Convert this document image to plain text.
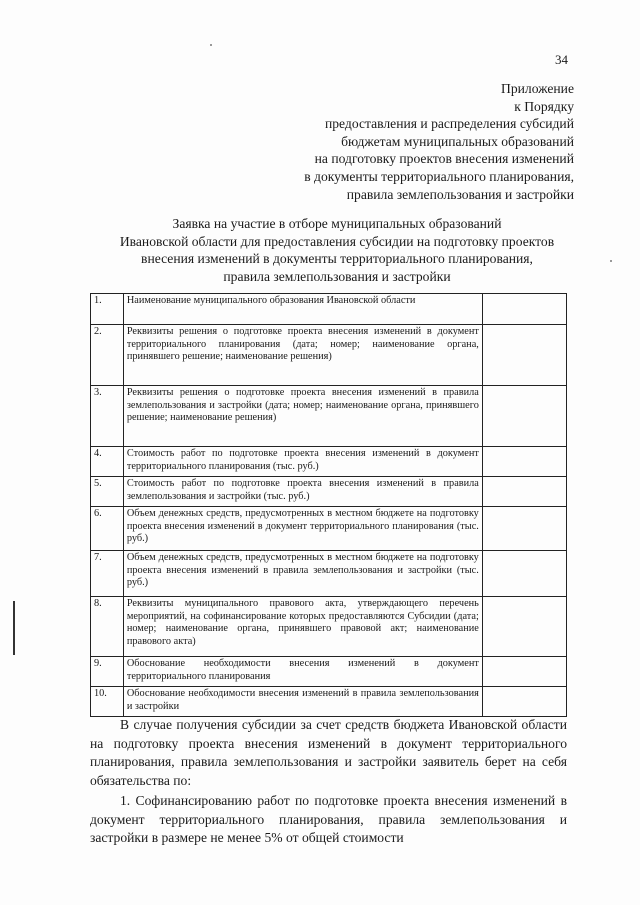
34
Приложение
к Порядку
предоставления и распределения субсидий
бюджетам муниципальных образований
на подготовку проектов внесения изменений
в документы территориального планирования,
правила землепользования и застройки
Заявка на участие в отборе муниципальных образований
Ивановской области для предоставления субсидии на подготовку проектов
внесения изменений в документы территориального планирования,
правила землепользования и застройки
1.	Наименование муниципального образования Ивановской области	
2.	Реквизиты решения о подготовке проекта внесения изменений в документ территориального планирования (дата; номер; наименование органа, принявшего решение; наименование решения)	
3.	Реквизиты решения о подготовке проекта внесения изменений в правила землепользования и застройки (дата; номер; наименование органа, принявшего решение; наименование решения)	
4.	Стоимость работ по подготовке проекта внесения изменений в документ территориального планирования (тыс. руб.)	
5.	Стоимость работ по подготовке проекта внесения изменений в правила землепользования и застройки (тыс. руб.)	
6.	Объем денежных средств, предусмотренных в местном бюджете на подготовку проекта внесения изменений в документ территориального планирования (тыс. руб.)	
7.	Объем денежных средств, предусмотренных в местном бюджете на подготовку проекта внесения изменений в правила землепользования и застройки (тыс. руб.)	
8.	Реквизиты муниципального правового акта, утверждающего перечень мероприятий, на софинансирование которых предоставляются Субсидии (дата; номер; наименование органа, принявшего правовой акт; наименование правового акта)	
9.	Обоснование необходимости внесения изменений в документ территориального планирования	
10.	Обоснование необходимости внесения изменений в правила землепользования и застройки	

В случае получения субсидии за счет средств бюджета Ивановской области на подготовку проекта внесения изменений в документ территориального планирования, правила землепользования и застройки заявитель берет на себя обязательства по:

1. Софинансированию работ по подготовке проекта внесения изменений в документ территориального планирования, правила землепользования и застройки в размере не менее 5% от общей стоимости
